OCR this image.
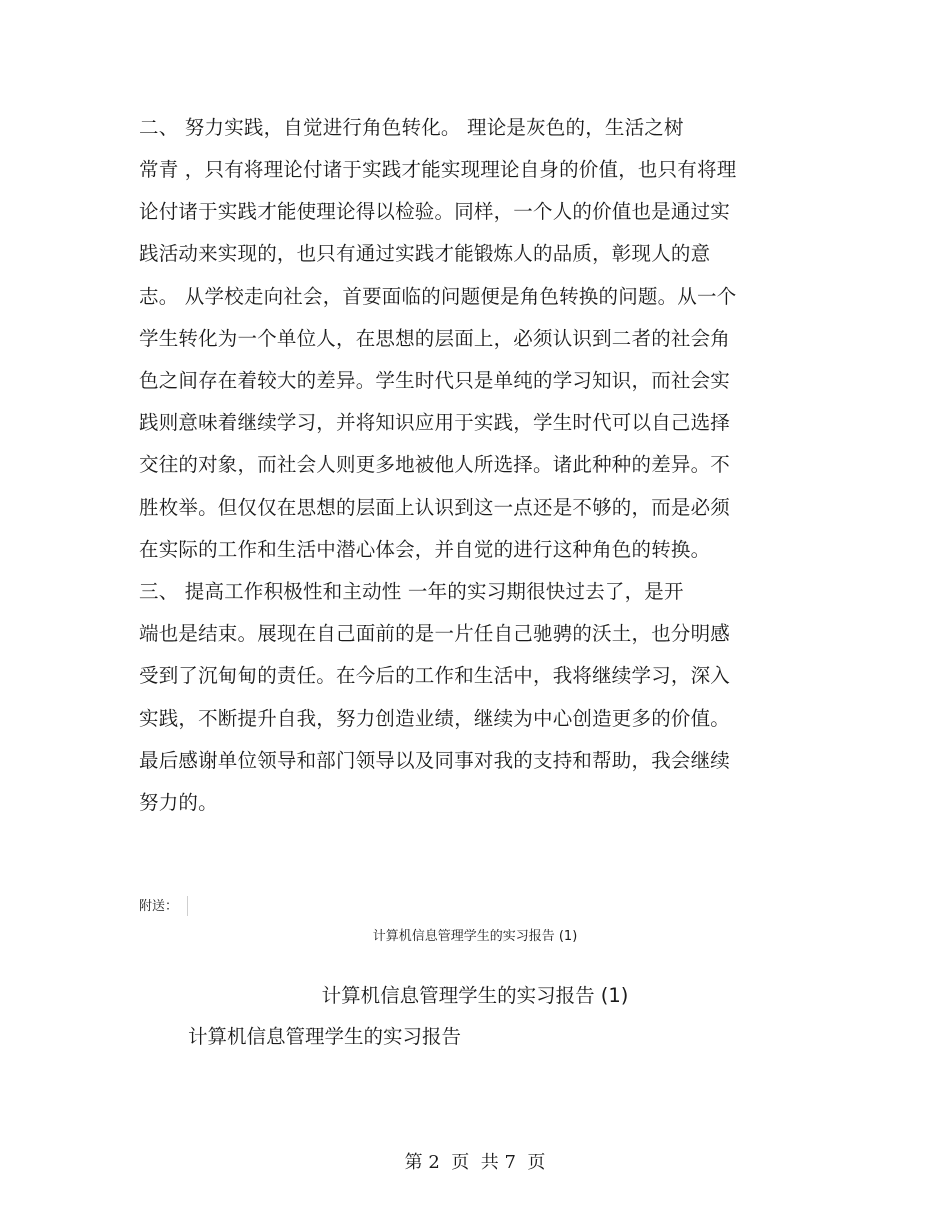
二、 努力实践，自觉进行角色转化。 理论是灰色的，生活之树
常青 ，只有将理论付诸于实践才能实现理论自身的价值，也只有将理
论付诸于实践才能使理论得以检验。同样，一个人的价值也是通过实
践活动来实现的，也只有通过实践才能锻炼人的品质，彰现人的意
志。 从学校走向社会，首要面临的问题便是角色转换的问题。从一个
学生转化为一个单位人，在思想的层面上，必须认识到二者的社会角
色之间存在着较大的差异。学生时代只是单纯的学习知识，而社会实
践则意味着继续学习，并将知识应用于实践，学生时代可以自己选择
交往的对象，而社会人则更多地被他人所选择。诸此种种的差异。不
胜枚举。但仅仅在思想的层面上认识到这一点还是不够的，而是必须
在实际的工作和生活中潜心体会，并自觉的进行这种角色的转换。
三、 提高工作积极性和主动性 一年的实习期很快过去了，是开
端也是结束。展现在自己面前的是一片任自己驰骋的沃土，也分明感
受到了沉甸甸的责任。在今后的工作和生活中，我将继续学习，深入
实践，不断提升自我，努力创造业绩，继续为中心创造更多的价值。
最后感谢单位领导和部门领导以及同事对我的支持和帮助，我会继续
努力的。
附送：
计算机信息管理学生的实习报告 (1)
计算机信息管理学生的实习报告 (1)
计算机信息管理学生的实习报告
第 2  页  共 7  页
